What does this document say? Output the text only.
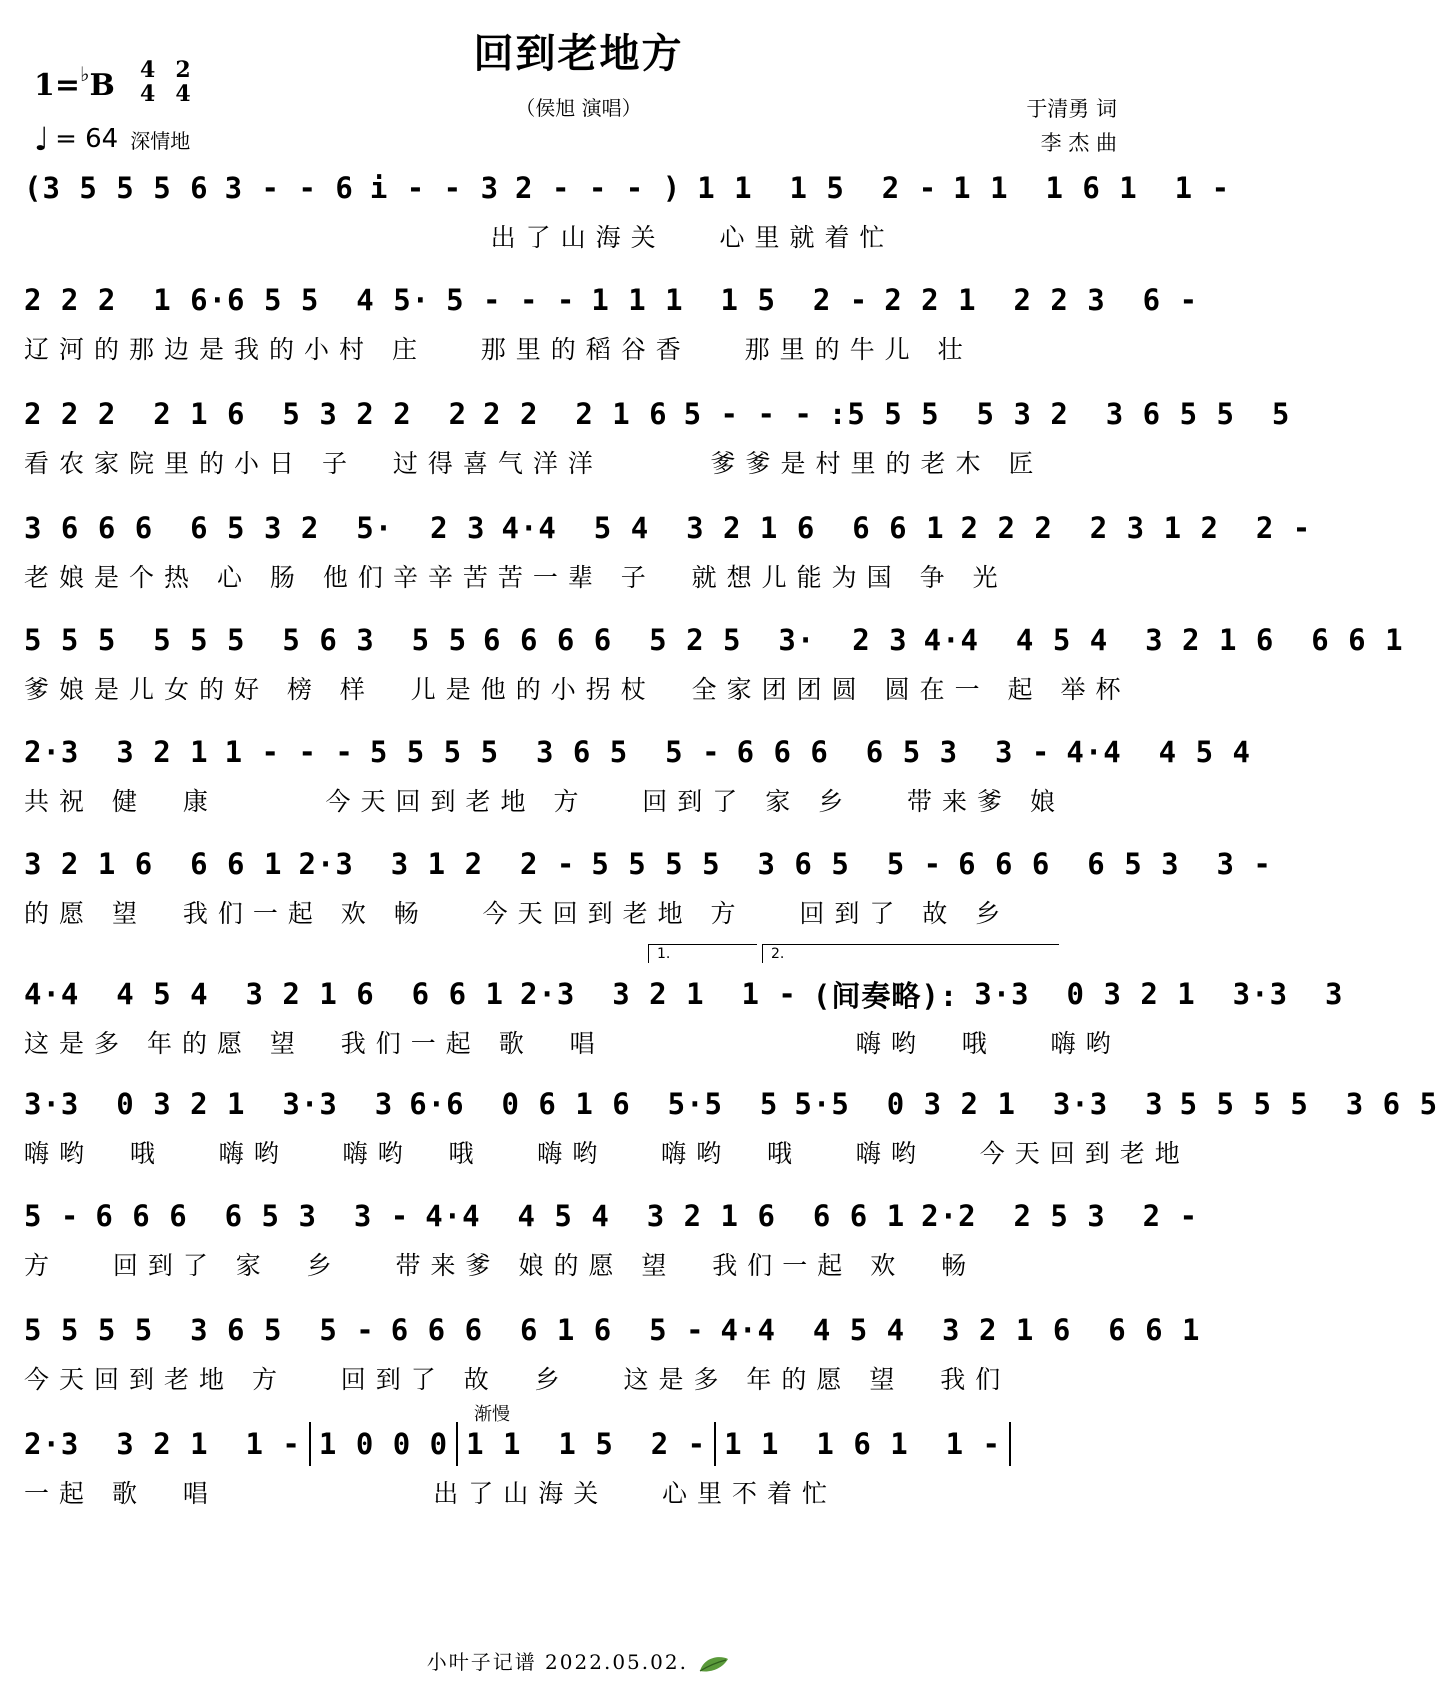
回到老地方
（侯旭 演唱）	于清勇 词
李 杰 曲
1=♭B 4
4
2
4
♩ = 64 深情地
(3 5 5 5 6 3 - - 6 i - - 3 2 - - - ) 1 1  1 5  2 - 1 1  1 6 1  1 -
出了山海关   心里就着忙
2 2 2  1 6·6 5 5  4 5· 5 - - - 1 1 1  1 5  2 - 2 2 1  2 2 3  6 -
辽河的那边是我的小村 庄   那里的稻谷香   那里的牛儿 壮
2 2 2  2 1 6  5 3 2 2  2 2 2  2 1 6 5 - - - :5 5 5  5 3 2  3 6 5 5  5
看农家院里的小日 子  过得喜气洋洋      爹爹是村里的老木 匠
3 6 6 6  6 5 3 2  5·  2 3 4·4  5 4  3 2 1 6  6 6 1 2 2 2  2 3 1 2  2 -
老娘是个热 心 肠 他们辛辛苦苦一辈 子  就想儿能为国 争 光
5 5 5  5 5 5  5 6 3  5 5 6 6 6 6  5 2 5  3·  2 3 4·4  4 5 4  3 2 1 6  6 6 1
爹娘是儿女的好 榜 样  儿是他的小拐杖  全家团团圆 圆在一 起 举杯
2·3  3 2 1 1 - - - 5 5 5 5  3 6 5  5 - 6 6 6  6 5 3  3 - 4·4  4 5 4
共祝 健  康      今天回到老地 方   回到了 家 乡   带来爹 娘
3 2 1 6  6 6 1 2·3  3 1 2  2 - 5 5 5 5  3 6 5  5 - 6 6 6  6 5 3  3 -
的愿 望  我们一起 欢 畅   今天回到老地 方   回到了 故 乡
4·4  4 5 4  3 2 1 6  6 6 1 2·3  3 2 1  1 - (间奏略): 3·3  0 3 2 1  3·3  3
这是多 年的愿 望  我们一起 歌  唱              嗨哟  哦   嗨哟
1.	2.
3·3  0 3 2 1  3·3  3 6·6  0 6 1 6  5·5  5 5·5  0 3 2 1  3·3  3 5 5 5 5  3 6 5
嗨哟  哦   嗨哟   嗨哟  哦   嗨哟   嗨哟  哦   嗨哟   今天回到老地
5 - 6 6 6  6 5 3  3 - 4·4  4 5 4  3 2 1 6  6 6 1 2·2  2 5 3  2 -
方   回到了 家  乡   带来爹 娘的愿 望  我们一起 欢  畅
5 5 5 5  3 6 5  5 - 6 6 6  6 1 6  5 - 4·4  4 5 4  3 2 1 6  6 6 1
今天回到老地 方   回到了 故  乡   这是多 年的愿 望  我们
2·3  3 2 1  1 - 1 0 0 0 1 1  1 5  2 - 1 1  1 6 1  1 -
一起 歌  唱            出了山海关   心里不着忙
渐慢
小叶子记谱 2022.05.02.
